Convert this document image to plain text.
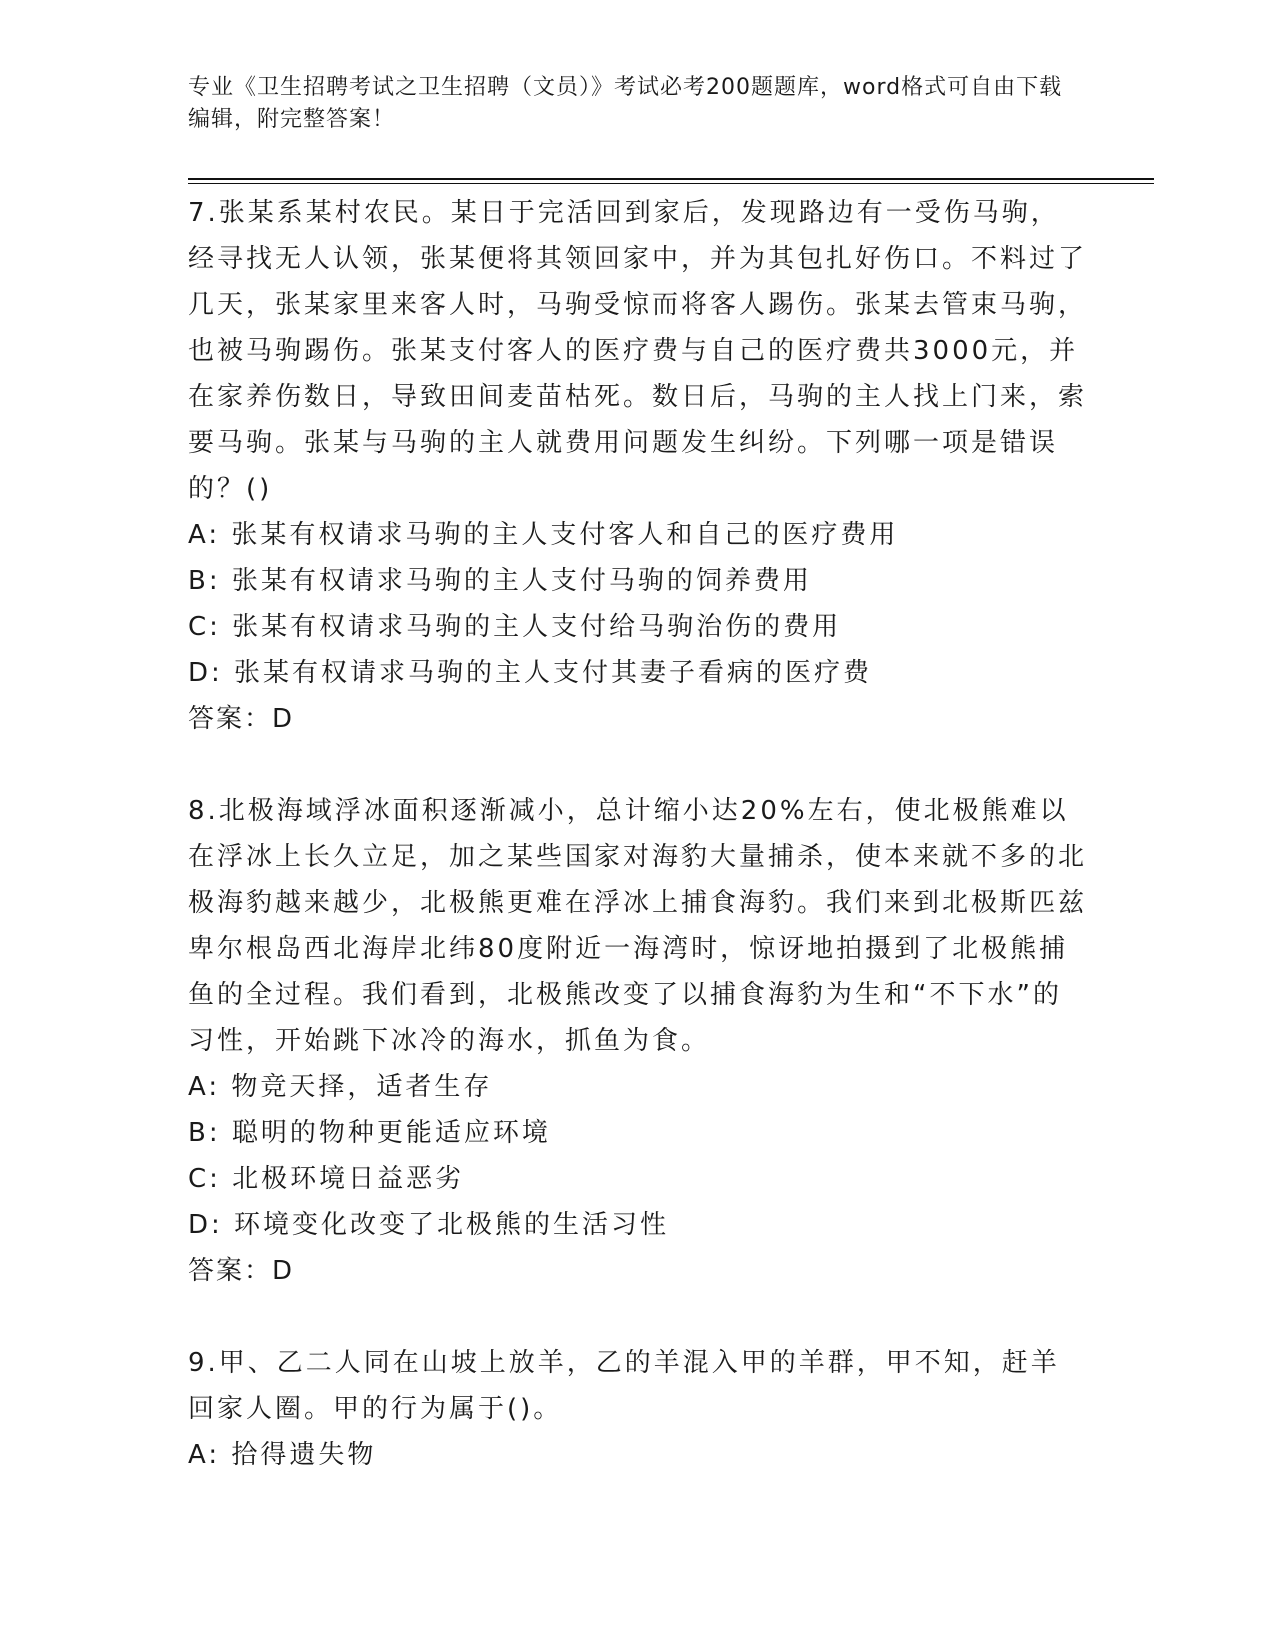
专业《卫生招聘考试之卫生招聘（文员）》考试必考200题题库，word格式可自由下载编辑，附完整答案！

7.张某系某村农民。某日于完活回到家后，发现路边有一受伤马驹，经寻找无人认领，张某便将其领回家中，并为其包扎好伤口。不料过了几天，张某家里来客人时，马驹受惊而将客人踢伤。张某去管束马驹，也被马驹踢伤。张某支付客人的医疗费与自己的医疗费共3000元，并在家养伤数日，导致田间麦苗枯死。数日后，马驹的主人找上门来，索要马驹。张某与马驹的主人就费用问题发生纠纷。下列哪一项是错误的？()

A: 张某有权请求马驹的主人支付客人和自己的医疗费用

B: 张某有权请求马驹的主人支付马驹的饲养费用

C: 张某有权请求马驹的主人支付给马驹治伤的费用

D: 张某有权请求马驹的主人支付其妻子看病的医疗费

答案：D

8.北极海域浮冰面积逐渐减小，总计缩小达20%左右，使北极熊难以在浮冰上长久立足，加之某些国家对海豹大量捕杀，使本来就不多的北极海豹越来越少，北极熊更难在浮冰上捕食海豹。我们来到北极斯匹兹卑尔根岛西北海岸北纬80度附近一海湾时，惊讶地拍摄到了北极熊捕鱼的全过程。我们看到，北极熊改变了以捕食海豹为生和“不下水”的习性，开始跳下冰冷的海水，抓鱼为食。

A: 物竞天择，适者生存

B: 聪明的物种更能适应环境

C: 北极环境日益恶劣

D: 环境变化改变了北极熊的生活习性

答案：D

9.甲、乙二人同在山坡上放羊，乙的羊混入甲的羊群，甲不知，赶羊回家人圈。甲的行为属于()。

A: 拾得遗失物
